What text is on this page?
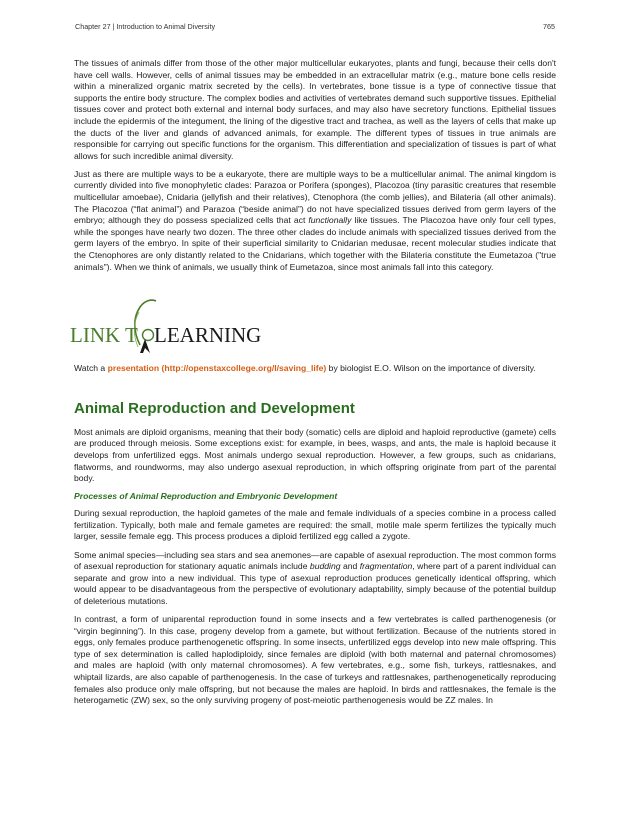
Chapter 27 | Introduction to Animal Diversity	765

The tissues of animals differ from those of the other major multicellular eukaryotes, plants and fungi, because their cells don't have cell walls. However, cells of animal tissues may be embedded in an extracellular matrix (e.g., mature bone cells reside within a mineralized organic matrix secreted by the cells). In vertebrates, bone tissue is a type of connective tissue that supports the entire body structure. The complex bodies and activities of vertebrates demand such supportive tissues. Epithelial tissues cover and protect both external and internal body surfaces, and may also have secretory functions. Epithelial tissues include the epidermis of the integument, the lining of the digestive tract and trachea, as well as the layers of cells that make up the ducts of the liver and glands of advanced animals, for example. The different types of tissues in true animals are responsible for carrying out specific functions for the organism. This differentiation and specialization of tissues is part of what allows for such incredible animal diversity.

Just as there are multiple ways to be a eukaryote, there are multiple ways to be a multicellular animal. The animal kingdom is currently divided into five monophyletic clades: Parazoa or Porifera (sponges), Placozoa (tiny parasitic creatures that resemble multicellular amoebae), Cnidaria (jellyfish and their relatives), Ctenophora (the comb jellies), and Bilateria (all other animals). The Placozoa (“flat animal”) and Parazoa (“beside animal”) do not have specialized tissues derived from germ layers of the embryo; although they do possess specialized cells that act functionally like tissues. The Placozoa have only four cell types, while the sponges have nearly two dozen. The three other clades do include animals with specialized tissues derived from the germ layers of the embryo. In spite of their superficial similarity to Cnidarian medusae, recent molecular studies indicate that the Ctenophores are only distantly related to the Cnidarians, which together with the Bilateria constitute the Eumetazoa ("true animals"). When we think of animals, we usually think of Eumetazoa, since most animals fall into this category.

LINK T LEARNING

Watch a presentation (http://openstaxcollege.org/l/saving_life) by biologist E.O. Wilson on the importance of diversity.

Animal Reproduction and Development

Most animals are diploid organisms, meaning that their body (somatic) cells are diploid and haploid reproductive (gamete) cells are produced through meiosis. Some exceptions exist: for example, in bees, wasps, and ants, the male is haploid because it develops from unfertilized eggs. Most animals undergo sexual reproduction. However, a few groups, such as cnidarians, flatworms, and roundworms, may also undergo asexual reproduction, in which offspring originate from part of the parental body.

Processes of Animal Reproduction and Embryonic Development

During sexual reproduction, the haploid gametes of the male and female individuals of a species combine in a process called fertilization. Typically, both male and female gametes are required: the small, motile male sperm fertilizes the typically much larger, sessile female egg. This process produces a diploid fertilized egg called a zygote.

Some animal species—including sea stars and sea anemones—are capable of asexual reproduction. The most common forms of asexual reproduction for stationary aquatic animals include budding and fragmentation, where part of a parent individual can separate and grow into a new individual. This type of asexual reproduction produces genetically identical offspring, which would appear to be disadvantageous from the perspective of evolutionary adaptability, simply because of the potential buildup of deleterious mutations.

In contrast, a form of uniparental reproduction found in some insects and a few vertebrates is called parthenogenesis (or “virgin beginning”). In this case, progeny develop from a gamete, but without fertilization. Because of the nutrients stored in eggs, only females produce parthenogenetic offspring. In some insects, unfertilized eggs develop into new male offspring. This type of sex determination is called haplodiploidy, since females are diploid (with both maternal and paternal chromosomes) and males are haploid (with only maternal chromosomes). A few vertebrates, e.g., some fish, turkeys, rattlesnakes, and whiptail lizards, are also capable of parthenogenesis. In the case of turkeys and rattlesnakes, parthenogenetically reproducing females also produce only male offspring, but not because the males are haploid. In birds and rattlesnakes, the female is the heterogametic (ZW) sex, so the only surviving progeny of post-meiotic parthenogenesis would be ZZ males. In
